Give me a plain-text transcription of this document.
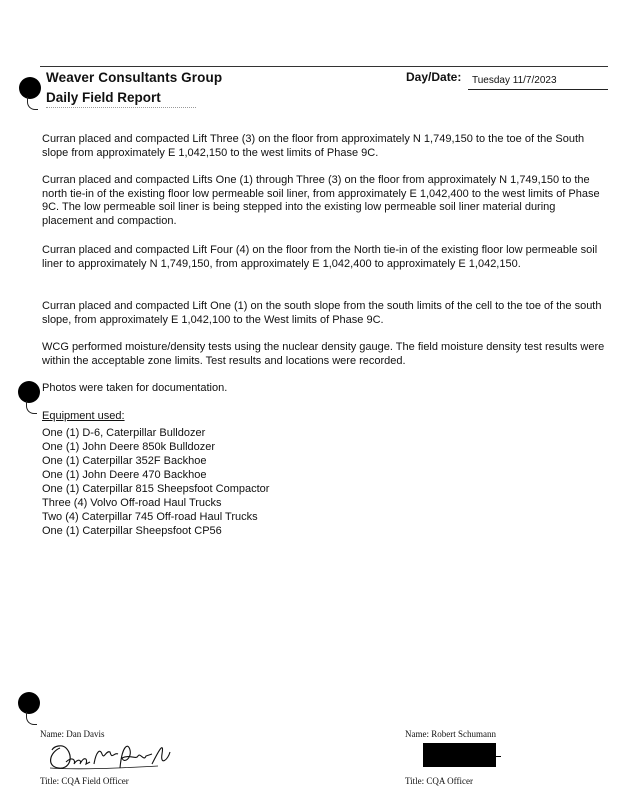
Weaver Consultants Group
Daily Field Report
Day/Date: Tuesday 11/7/2023

Curran placed and compacted Lift Three (3) on the floor from approximately N 1,749,150 to the toe of the South slope from approximately E 1,042,150 to the west limits of Phase 9C.

Curran placed and compacted Lifts One (1) through Three (3) on the floor from approximately N 1,749,150 to the north tie-in of the existing floor low permeable soil liner, from approximately E 1,042,400 to the west limits of Phase 9C. The low permeable soil liner is being stepped into the existing low permeable soil liner material during placement and compaction.

Curran placed and compacted Lift Four (4) on the floor from the North tie-in of the existing floor low permeable soil liner to approximately N 1,749,150, from approximately E 1,042,400 to approximately E 1,042,150.

Curran placed and compacted Lift One (1) on the south slope from the south limits of the cell to the toe of the south slope, from approximately E 1,042,100 to the West limits of Phase 9C.

WCG performed moisture/density tests using the nuclear density gauge. The field moisture density test results were within the acceptable zone limits. Test results and locations were recorded.

Photos were taken for documentation.

Equipment used:
One (1) D-6, Caterpillar Bulldozer
One (1) John Deere 850k Bulldozer
One (1) Caterpillar 352F Backhoe
One (1) John Deere 470 Backhoe
One (1) Caterpillar 815 Sheepsfoot Compactor
Three (4) Volvo Off-road Haul Trucks
Two (4) Caterpillar 745 Off-road Haul Trucks
One (1) Caterpillar Sheepsfoot CP56
Name: Dan Davis
Title: CQA Field Officer
Name: Robert Schumann
Title: CQA Officer
